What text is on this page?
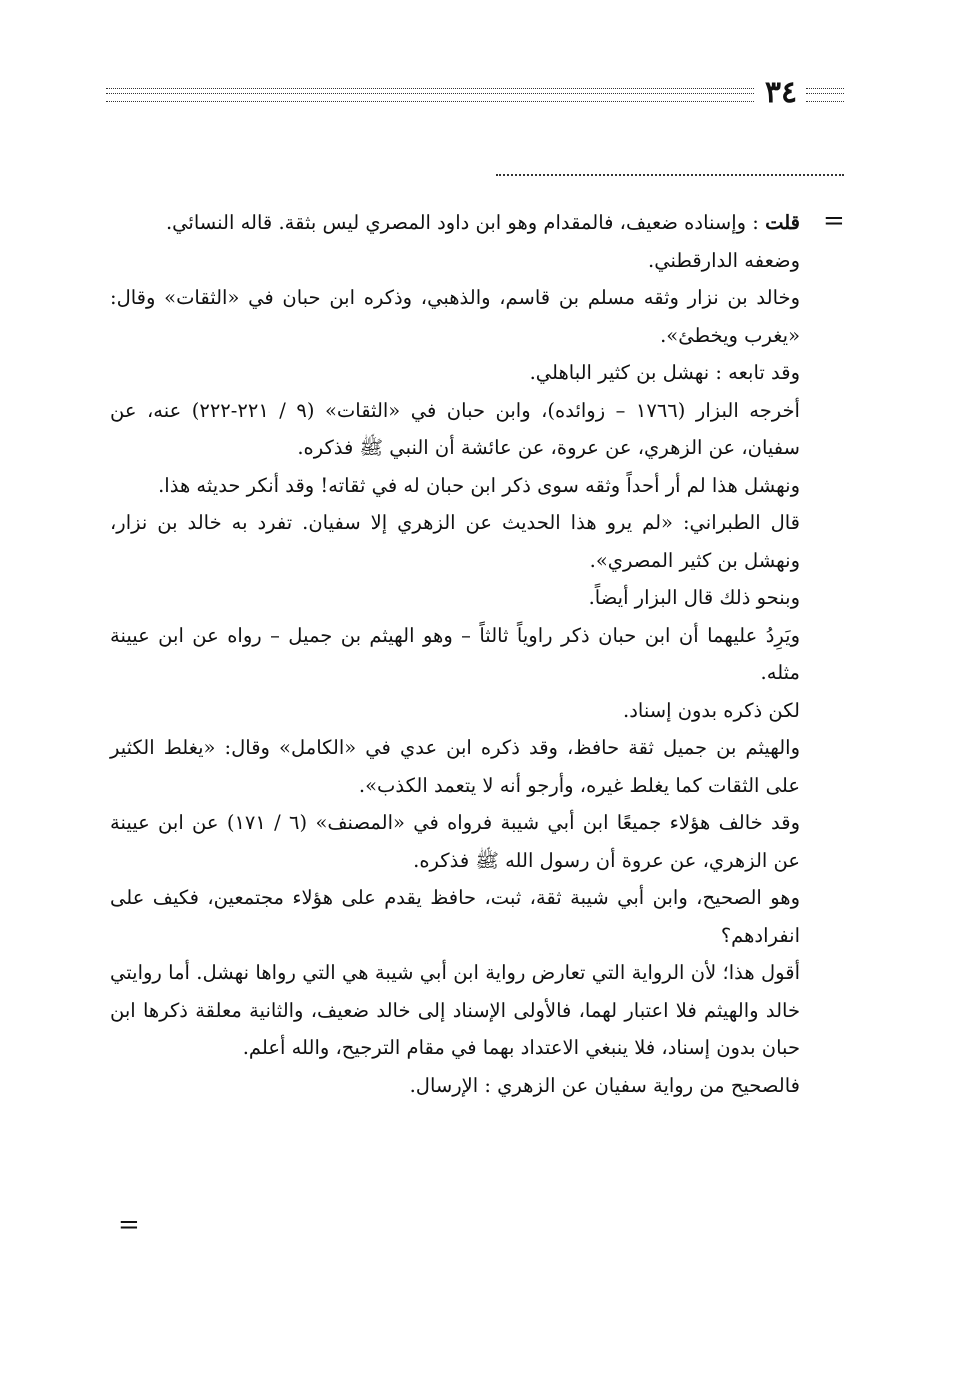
٣٤
=
=

قلت : وإسناده ضعيف، فالمقدام وهو ابن داود المصري ليس بثقة. قاله النسائي.

وضعفه الدارقطني.

وخالد بن نزار وثقه مسلم بن قاسم، والذهبي، وذكره ابن حبان في «الثقات» وقال: «يغرب ويخطئ».

وقد تابعه : نهشل بن كثير الباهلي.

أخرجه البزار (١٧٦٦ – زوائده)، وابن حبان في «الثقات» (٩ / ٢٢١-٢٢٢) عنه، عن سفيان، عن الزهري، عن عروة، عن عائشة أن النبي ﷺ فذكره.

ونهشل هذا لم أر أحداً وثقه سوى ذكر ابن حبان له في ثقاته! وقد أنكر حديثه هذا.

قال الطبراني: «لم يرو هذا الحديث عن الزهري إلا سفيان. تفرد به خالد بن نزار، ونهشل بن كثير المصري».

وبنحو ذلك قال البزار أيضاً.

ويَرِدُ عليهما أن ابن حبان ذكر راوياً ثالثاً – وهو الهيثم بن جميل – رواه عن ابن عيينة مثله.

لكن ذكره بدون إسناد.

والهيثم بن جميل ثقة حافظ، وقد ذكره ابن عدي في «الكامل» وقال: «يغلط الكثير على الثقات كما يغلط غيره، وأرجو أنه لا يتعمد الكذب».

وقد خالف هؤلاء جميعًا ابن أبي شيبة فرواه في «المصنف» (٦ / ١٧١) عن ابن عيينة عن الزهري، عن عروة أن رسول الله ﷺ فذكره.

وهو الصحيح، وابن أبي شيبة ثقة، ثبت، حافظ يقدم على هؤلاء مجتمعين، فكيف على انفرادهم؟

أقول هذا؛ لأن الرواية التي تعارض رواية ابن أبي شيبة هي التي رواها نهشل. أما روايتي خالد والهيثم فلا اعتبار لهما، فالأولى الإسناد إلى خالد ضعيف، والثانية معلقة ذكرها ابن حبان بدون إسناد، فلا ينبغي الاعتداد بهما في مقام الترجيح، والله أعلم.

فالصحيح من رواية سفيان عن الزهري : الإرسال.
